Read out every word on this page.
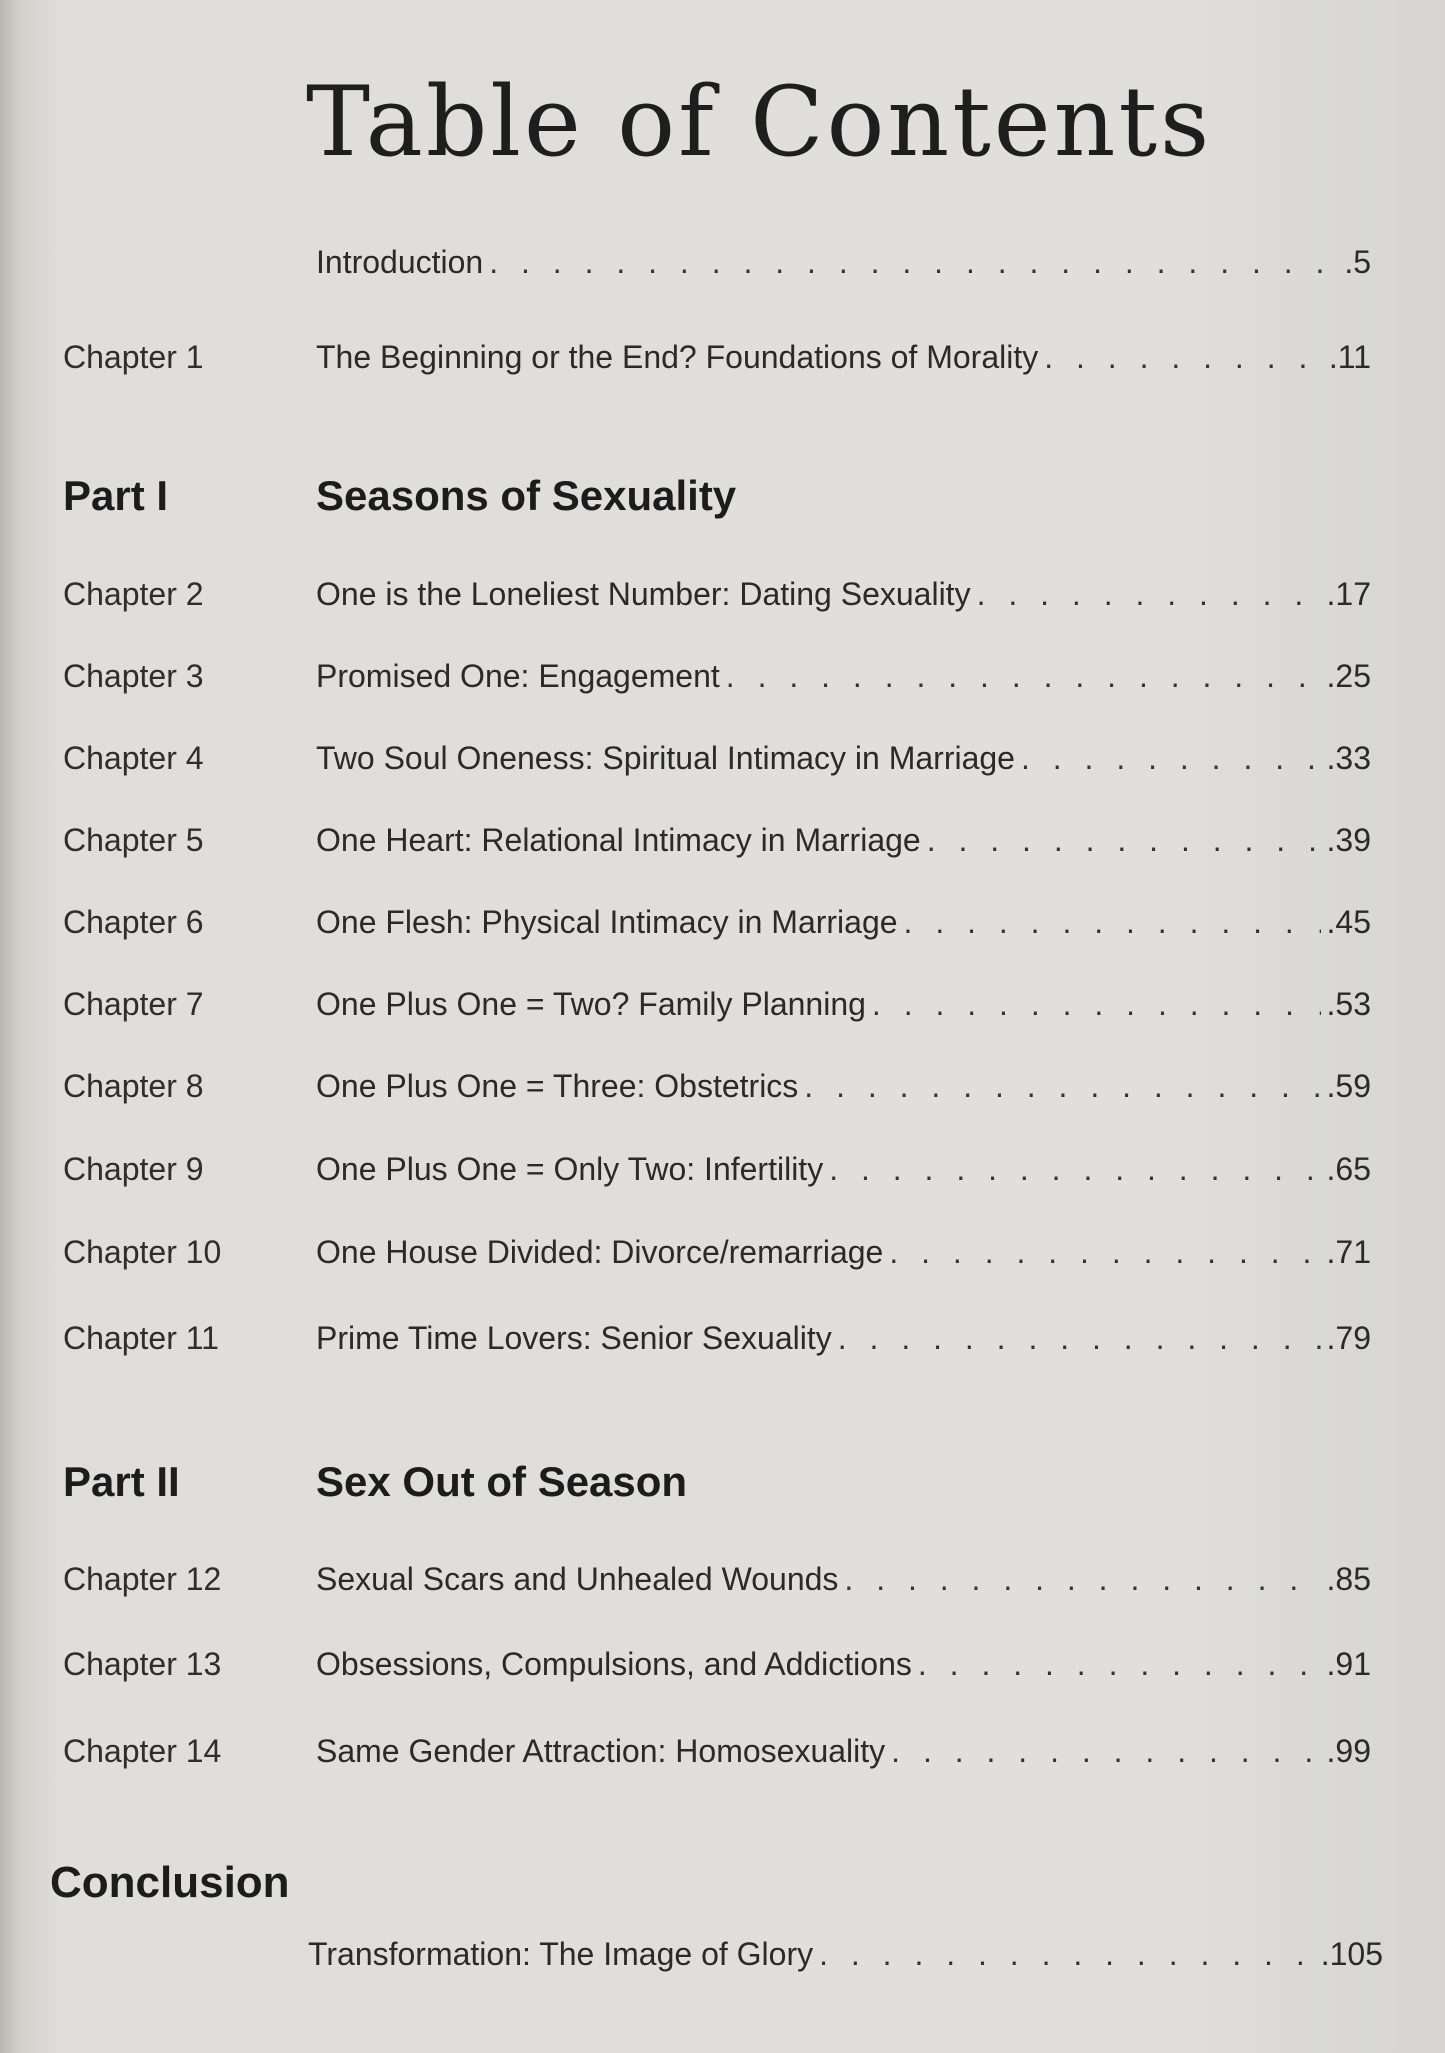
Table of Contents
Introduction . . .	.5
Chapter 1	The Beginning or the End? Foundations of Morality . . .	.11
Part I	Seasons of Sexuality
Chapter 2	One is the Loneliest Number: Dating Sexuality . . .	.17
Chapter 3	Promised One: Engagement . . .	.25
Chapter 4	Two Soul Oneness: Spiritual Intimacy in Marriage . . .	.33
Chapter 5	One Heart: Relational Intimacy in Marriage . . .	.39
Chapter 6	One Flesh: Physical Intimacy in Marriage . . .	.45
Chapter 7	One Plus One = Two? Family Planning . . .	.53
Chapter 8	One Plus One = Three: Obstetrics . . .	.59
Chapter 9	One Plus One = Only Two: Infertility . . .	.65
Chapter 10	One House Divided: Divorce/remarriage . . .	.71
Chapter 11	Prime Time Lovers: Senior Sexuality . . .	.79
Part II	Sex Out of Season
Chapter 12	Sexual Scars and Unhealed Wounds . . .	.85
Chapter 13	Obsessions, Compulsions, and Addictions . . .	.91
Chapter 14	Same Gender Attraction: Homosexuality . . .	.99
Conclusion
Transformation: The Image of Glory . . .	.105
